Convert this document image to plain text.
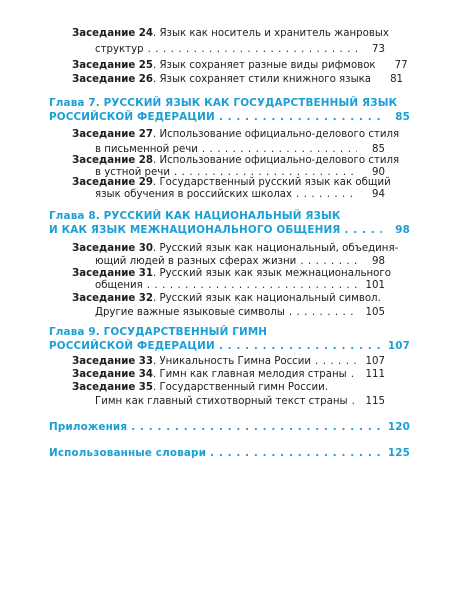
Заседание 24. Язык как носитель и хранитель жанровых
структур . . .	73
Заседание 25. Язык сохраняет разные виды рифмовок	77
Заседание 26. Язык сохраняет стили книжного языка	81
Глава 7. РУССКИЙ ЯЗЫК КАК ГОСУДАРСТВЕННЫЙ ЯЗЫК
РОССИЙСКОЙ ФЕДЕРАЦИИ . . .	85
Заседание 27. Использование официально-делового стиля
в письменной речи . . .	85
Заседание 28. Использование официально-делового стиля
в устной речи . . .	90
Заседание 29. Государственный русский язык как общий
язык обучения в российских школах . . .	94
Глава 8. РУССКИЙ КАК НАЦИОНАЛЬНЫЙ ЯЗЫК
И КАК ЯЗЫК МЕЖНАЦИОНАЛЬНОГО ОБЩЕНИЯ . . .	98
Заседание 30. Русский язык как национальный, объединя-
ющий людей в разных сферах жизни . . .	98
Заседание 31. Русский язык как язык межнационального
общения . . .	101
Заседание 32. Русский язык как национальный символ.
Другие важные языковые символы . . .	105
Глава 9. ГОСУДАРСТВЕННЫЙ ГИМН
РОССИЙСКОЙ ФЕДЕРАЦИИ . . .	107
Заседание 33. Уникальность Гимна России . . .	107
Заседание 34. Гимн как главная мелодия страны . . .	111
Заседание 35. Государственный гимн России.
Гимн как главный стихотворный текст страны . . .	115
Приложения . . .	120
Использованные словари . . .	125
